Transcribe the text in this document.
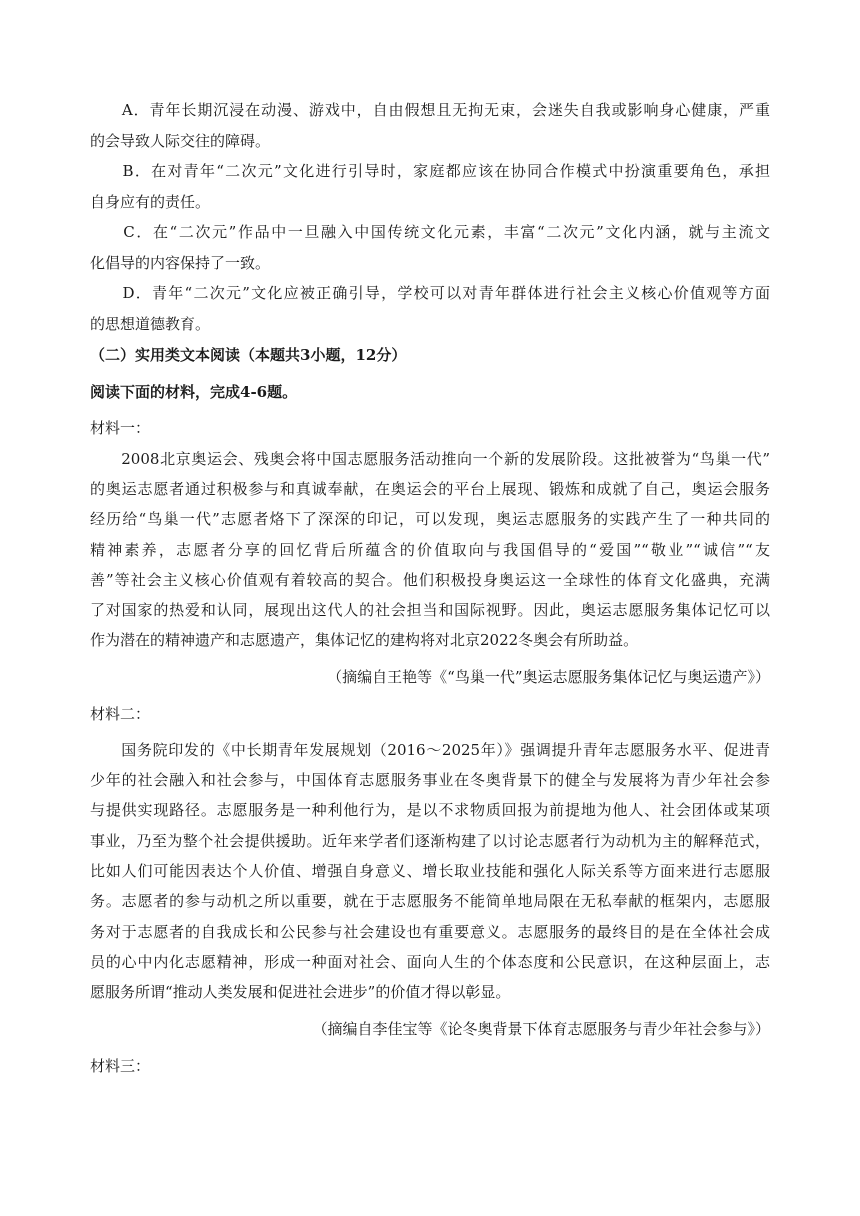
　　A．青年长期沉浸在动漫、游戏中，自由假想且无拘无束，会迷失自我或影响身心健康，严重
的会导致人际交往的障碍。
　　B．在对青年“二次元”文化进行引导时，家庭都应该在协同合作模式中扮演重要角色，承担
自身应有的责任。
　　C．在“二次元”作品中一旦融入中国传统文化元素，丰富“二次元”文化内涵，就与主流文
化倡导的内容保持了一致。
　　D．青年“二次元”文化应被正确引导，学校可以对青年群体进行社会主义核心价值观等方面
的思想道德教育。
（二）实用类文本阅读（本题共3小题，12分）
阅读下面的材料，完成4-6题。
材料一：
　　2008北京奥运会、残奥会将中国志愿服务活动推向一个新的发展阶段。这批被誉为“鸟巢一代”
的奥运志愿者通过积极参与和真诚奉献，在奥运会的平台上展现、锻炼和成就了自己，奥运会服务
经历给“鸟巢一代”志愿者烙下了深深的印记，可以发现，奥运志愿服务的实践产生了一种共同的
精神素养，志愿者分享的回忆背后所蕴含的价值取向与我国倡导的“爱国”“敬业”“诚信”“友
善”等社会主义核心价值观有着较高的契合。他们积极投身奥运这一全球性的体育文化盛典，充满
了对国家的热爱和认同，展现出这代人的社会担当和国际视野。因此，奥运志愿服务集体记忆可以
作为潜在的精神遗产和志愿遗产，集体记忆的建构将对北京2022冬奥会有所助益。
（摘编自王艳等《“鸟巢一代”奥运志愿服务集体记忆与奥运遗产》）
材料二：
　　国务院印发的《中长期青年发展规划（2016～2025年）》强调提升青年志愿服务水平、促进青
少年的社会融入和社会参与，中国体育志愿服务事业在冬奥背景下的健全与发展将为青少年社会参
与提供实现路径。志愿服务是一种利他行为，是以不求物质回报为前提地为他人、社会团体或某项
事业，乃至为整个社会提供援助。近年来学者们逐渐构建了以讨论志愿者行为动机为主的解释范式，
比如人们可能因表达个人价值、增强自身意义、增长取业技能和强化人际关系等方面来进行志愿服
务。志愿者的参与动机之所以重要，就在于志愿服务不能简单地局限在无私奉献的框架内，志愿服
务对于志愿者的自我成长和公民参与社会建设也有重要意义。志愿服务的最终目的是在全体社会成
员的心中内化志愿精神，形成一种面对社会、面向人生的个体态度和公民意识，在这种层面上，志
愿服务所谓“推动人类发展和促进社会进步”的价值才得以彰显。
（摘编自李佳宝等《论冬奥背景下体育志愿服务与青少年社会参与》）
材料三：
